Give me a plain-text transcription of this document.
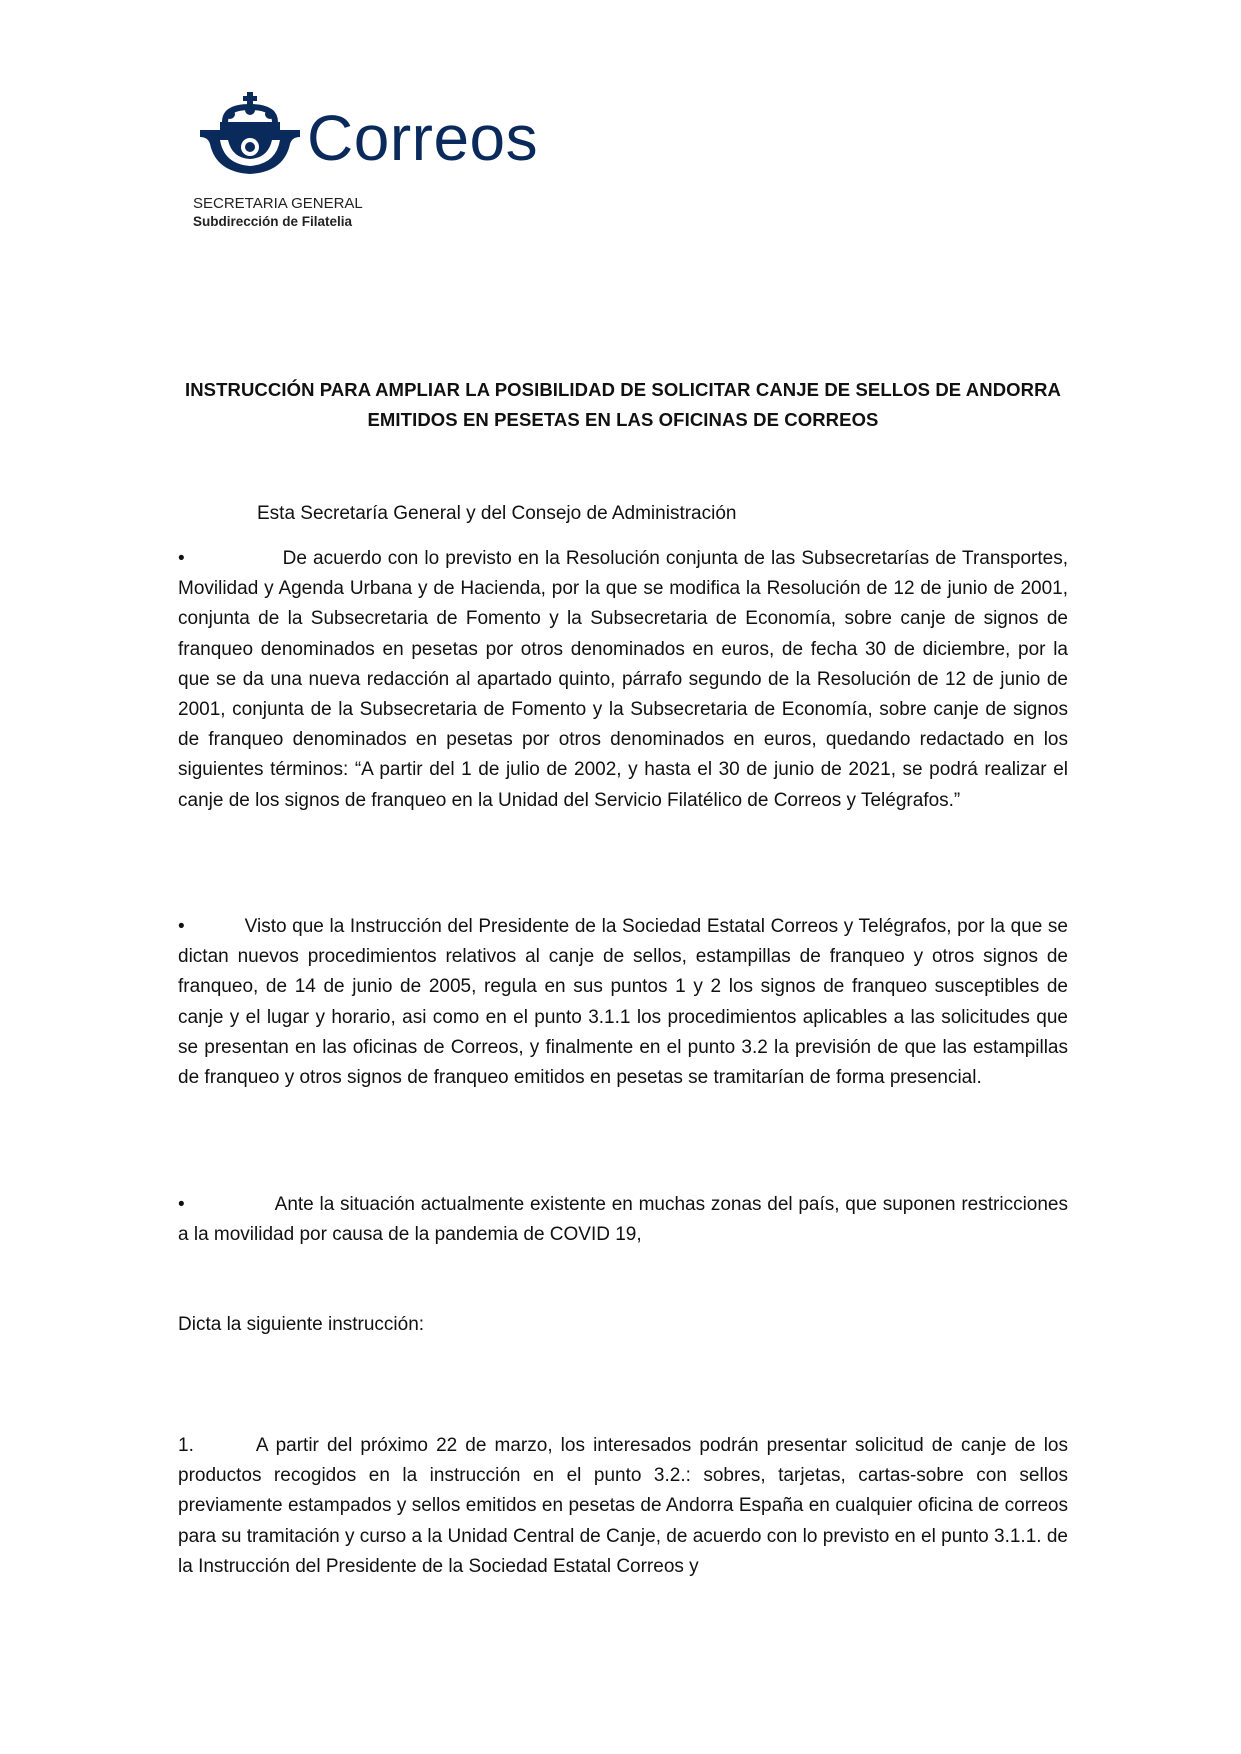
Correos
SECRETARIA GENERAL
Subdirección de Filatelia
INSTRUCCIÓN PARA AMPLIAR LA POSIBILIDAD DE SOLICITAR CANJE DE SELLOS DE ANDORRA
EMITIDOS EN PESETAS EN LAS OFICINAS DE CORREOS
Esta Secretaría General y del Consejo de Administración
•	De acuerdo con lo previsto en la Resolución conjunta de las Subsecretarías de Transportes, Movilidad y Agenda Urbana y de Hacienda, por la que se modifica la Resolución de 12 de junio de 2001, conjunta de la Subsecretaria de Fomento y la Subsecretaria de Economía, sobre canje de signos de franqueo denominados en pesetas por otros denominados en euros, de fecha 30 de diciembre, por la que se da una nueva redacción al apartado quinto, párrafo segundo de la Resolución de 12 de junio de 2001, conjunta de la Subsecretaria de Fomento y la Subsecretaria de Economía, sobre canje de signos de franqueo denominados en pesetas por otros denominados en euros, quedando redactado en los siguientes términos: “A partir del 1 de julio de 2002, y hasta el 30 de junio de 2021, se podrá realizar el canje de los signos de franqueo en la Unidad del Servicio Filatélico de Correos y Telégrafos.”
•	Visto que la Instrucción del Presidente de la Sociedad Estatal Correos y Telégrafos, por la que se dictan nuevos procedimientos relativos al canje de sellos, estampillas de franqueo y otros signos de franqueo, de 14 de junio de 2005, regula en sus puntos 1 y 2 los signos de franqueo susceptibles de canje y el lugar y horario, asi como en el punto 3.1.1 los procedimientos aplicables a las solicitudes que se presentan en las oficinas de Correos, y finalmente en el punto 3.2 la previsión de que las estampillas de franqueo y otros signos de franqueo emitidos en pesetas se tramitarían de forma presencial.
•	Ante la situación actualmente existente en muchas zonas del país, que suponen restricciones a la movilidad por causa de la pandemia de COVID 19,
Dicta la siguiente instrucción:
1.	A partir del próximo 22 de marzo, los interesados podrán presentar solicitud de canje de los productos recogidos en la instrucción en el punto 3.2.: sobres, tarjetas, cartas-sobre con sellos previamente estampados y sellos emitidos en pesetas de Andorra España en cualquier oficina de correos para su tramitación y curso a la Unidad Central de Canje, de acuerdo con lo previsto en el punto 3.1.1. de la Instrucción del Presidente de la Sociedad Estatal Correos y
